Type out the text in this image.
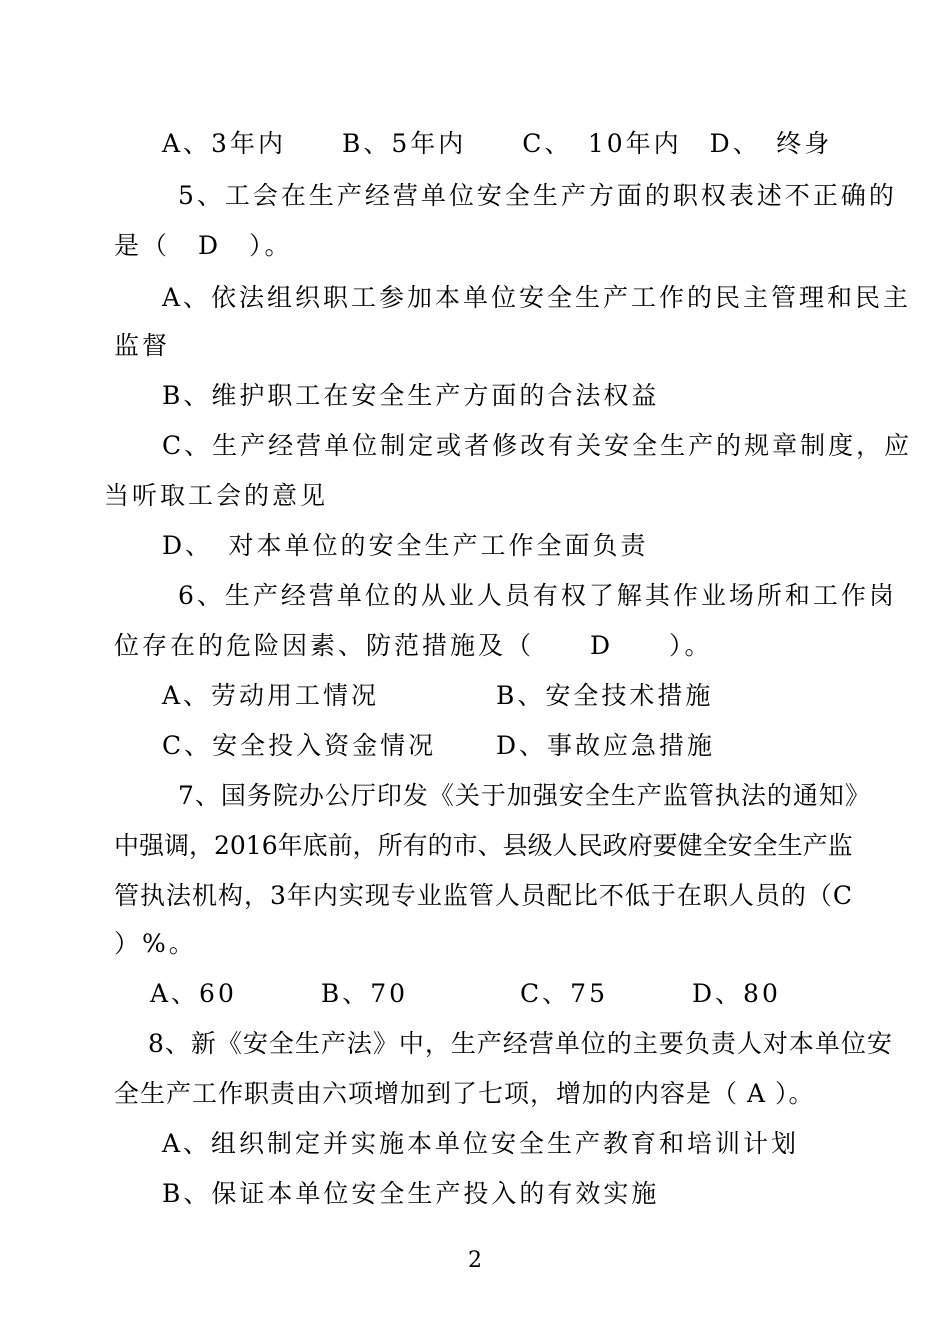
A、3年内　　B、5年内　　C、　10年内　D、　终身
5、工会在生产经营单位安全生产方面的职权表述不正确的
是（　D　）。
A、依法组织职工参加本单位安全生产工作的民主管理和民主
监督
B、维护职工在安全生产方面的合法权益
C、生产经营单位制定或者修改有关安全生产的规章制度，应
当听取工会的意见
D、　对本单位的安全生产工作全面负责
6、生产经营单位的从业人员有权了解其作业场所和工作岗
位存在的危险因素、防范措施及（　　D　　）。
A、劳动用工情况	B、安全技术措施
C、安全投入资金情况 D、事故应急措施
7、国务院办公厅印发《关于加强安全生产监管执法的通知》
中强调，2016年底前，所有的市、县级人民政府要健全安全生产监
管执法机构，3年内实现专业监管人员配比不低于在职人员的（C
）%。
A、60　　　B、70　　　　C、75　　　D、80
8、新《安全生产法》中，生产经营单位的主要负责人对本单位安
全生产工作职责由六项增加到了七项，增加的内容是（ A ）。
A、组织制定并实施本单位安全生产教育和培训计划
B、保证本单位安全生产投入的有效实施
2
